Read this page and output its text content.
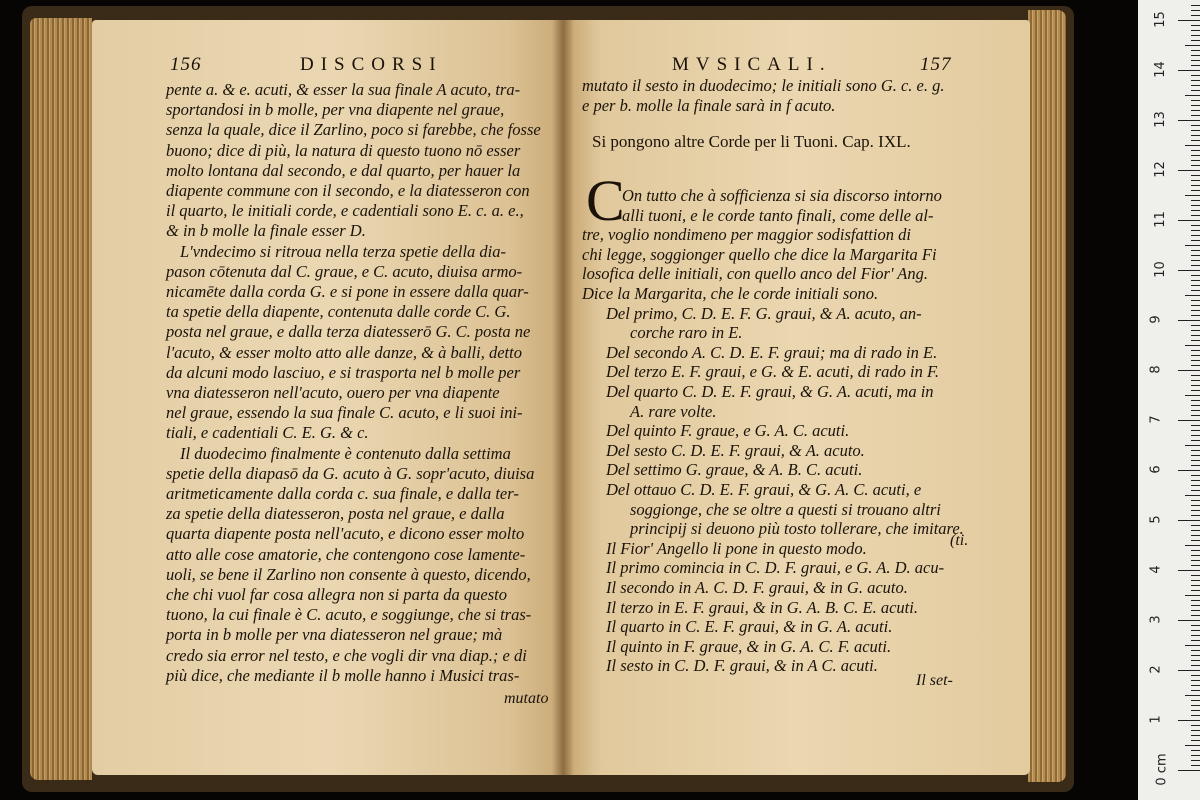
156	DISCORSI
pente a. & e. acuti, & esser la sua finale A acuto, tra-
sportandosi in b molle, per vna diapente nel graue,
senza la quale, dice il Zarlino, poco si farebbe, che fosse
buono; dice di più, la natura di questo tuono nō esser
molto lontana dal secondo, e dal quarto, per hauer la
diapente commune con il secondo, e la diatesseron con
il quarto, le initiali corde, e cadentiali sono E. c. a. e.,
& in b molle la finale esser D.
L'vndecimo si ritroua nella terza spetie della dia-
pason cōtenuta dal C. graue, e C. acuto, diuisa armo-
nicamēte dalla corda G. e si pone in essere dalla quar-
ta spetie della diapente, contenuta dalle corde C. G.
posta nel graue, e dalla terza diatesserō G. C. posta ne
l'acuto, & esser molto atto alle danze, & à balli, detto
da alcuni modo lasciuo, e si trasporta nel b molle per
vna diatesseron nell'acuto, ouero per vna diapente
nel graue, essendo la sua finale C. acuto, e li suoi ini-
tiali, e cadentiali C. E. G. & c.
Il duodecimo finalmente è contenuto dalla settima
spetie della diapasō da G. acuto à G. sopr'acuto, diuisa
aritmeticamente dalla corda c. sua finale, e dalla ter-
za spetie della diatesseron, posta nel graue, e dalla
quarta diapente posta nell'acuto, e dicono esser molto
atto alle cose amatorie, che contengono cose lamente-
uoli, se bene il Zarlino non consente à questo, dicendo,
che chi vuol far cosa allegra non si parta da questo
tuono, la cui finale è C. acuto, e soggiunge, che si tras-
porta in b molle per vna diatesseron nel graue; mà
credo sia error nel testo, e che vogli dir vna diap.; e di
più dice, che mediante il b molle hanno i Musici tras-
mutato
MVSICALI.	157
mutato il sesto in duodecimo; le initiali sono G. c. e. g.
e per b. molle la finale sarà in f acuto.
Si pongono altre Corde per li Tuoni. Cap. IXL.
C
On tutto che à sofficienza si sia discorso intorno
alli tuoni, e le corde tanto finali, come delle al-
tre, voglio nondimeno per maggior sodisfattion di
chi legge, soggionger quello che dice la Margarita Fi
losofica delle initiali, con quello anco del Fior' Ang.
Dice la Margarita, che le corde initiali sono.
Del primo, C. D. E. F. G. graui, & A. acuto, an-
corche raro in E.
Del secondo A. C. D. E. F. graui; ma di rado in E.
Del terzo E. F. graui, e G. & E. acuti, di rado in F.
Del quarto C. D. E. F. graui, & G. A. acuti, ma in
A. rare volte.
Del quinto F. graue, e G. A. C. acuti.
Del sesto C. D. E. F. graui, & A. acuto.
Del settimo G. graue, & A. B. C. acuti.
Del ottauo C. D. E. F. graui, & G. A. C. acuti, e
soggionge, che se oltre a questi si trouano altri
principij si deuono più tosto tollerare, che imitare.
Il Fior' Angello li pone in questo modo.
Il primo comincia in C. D. F. graui, e G. A. D. acu-
Il secondo in A. C. D. F. graui, & in G. acuto.
Il terzo in E. F. graui, & in G. A. B. C. E. acuti.
Il quarto in C. E. F. graui, & in G. A. acuti.
Il quinto in F. graue, & in G. A. C. F. acuti.
Il sesto in C. D. F. graui, & in A C. acuti.
(ti.
Il set-
0 cm
1
2
3
4
5
6
7
8
9
10
11
12
13
14
15
